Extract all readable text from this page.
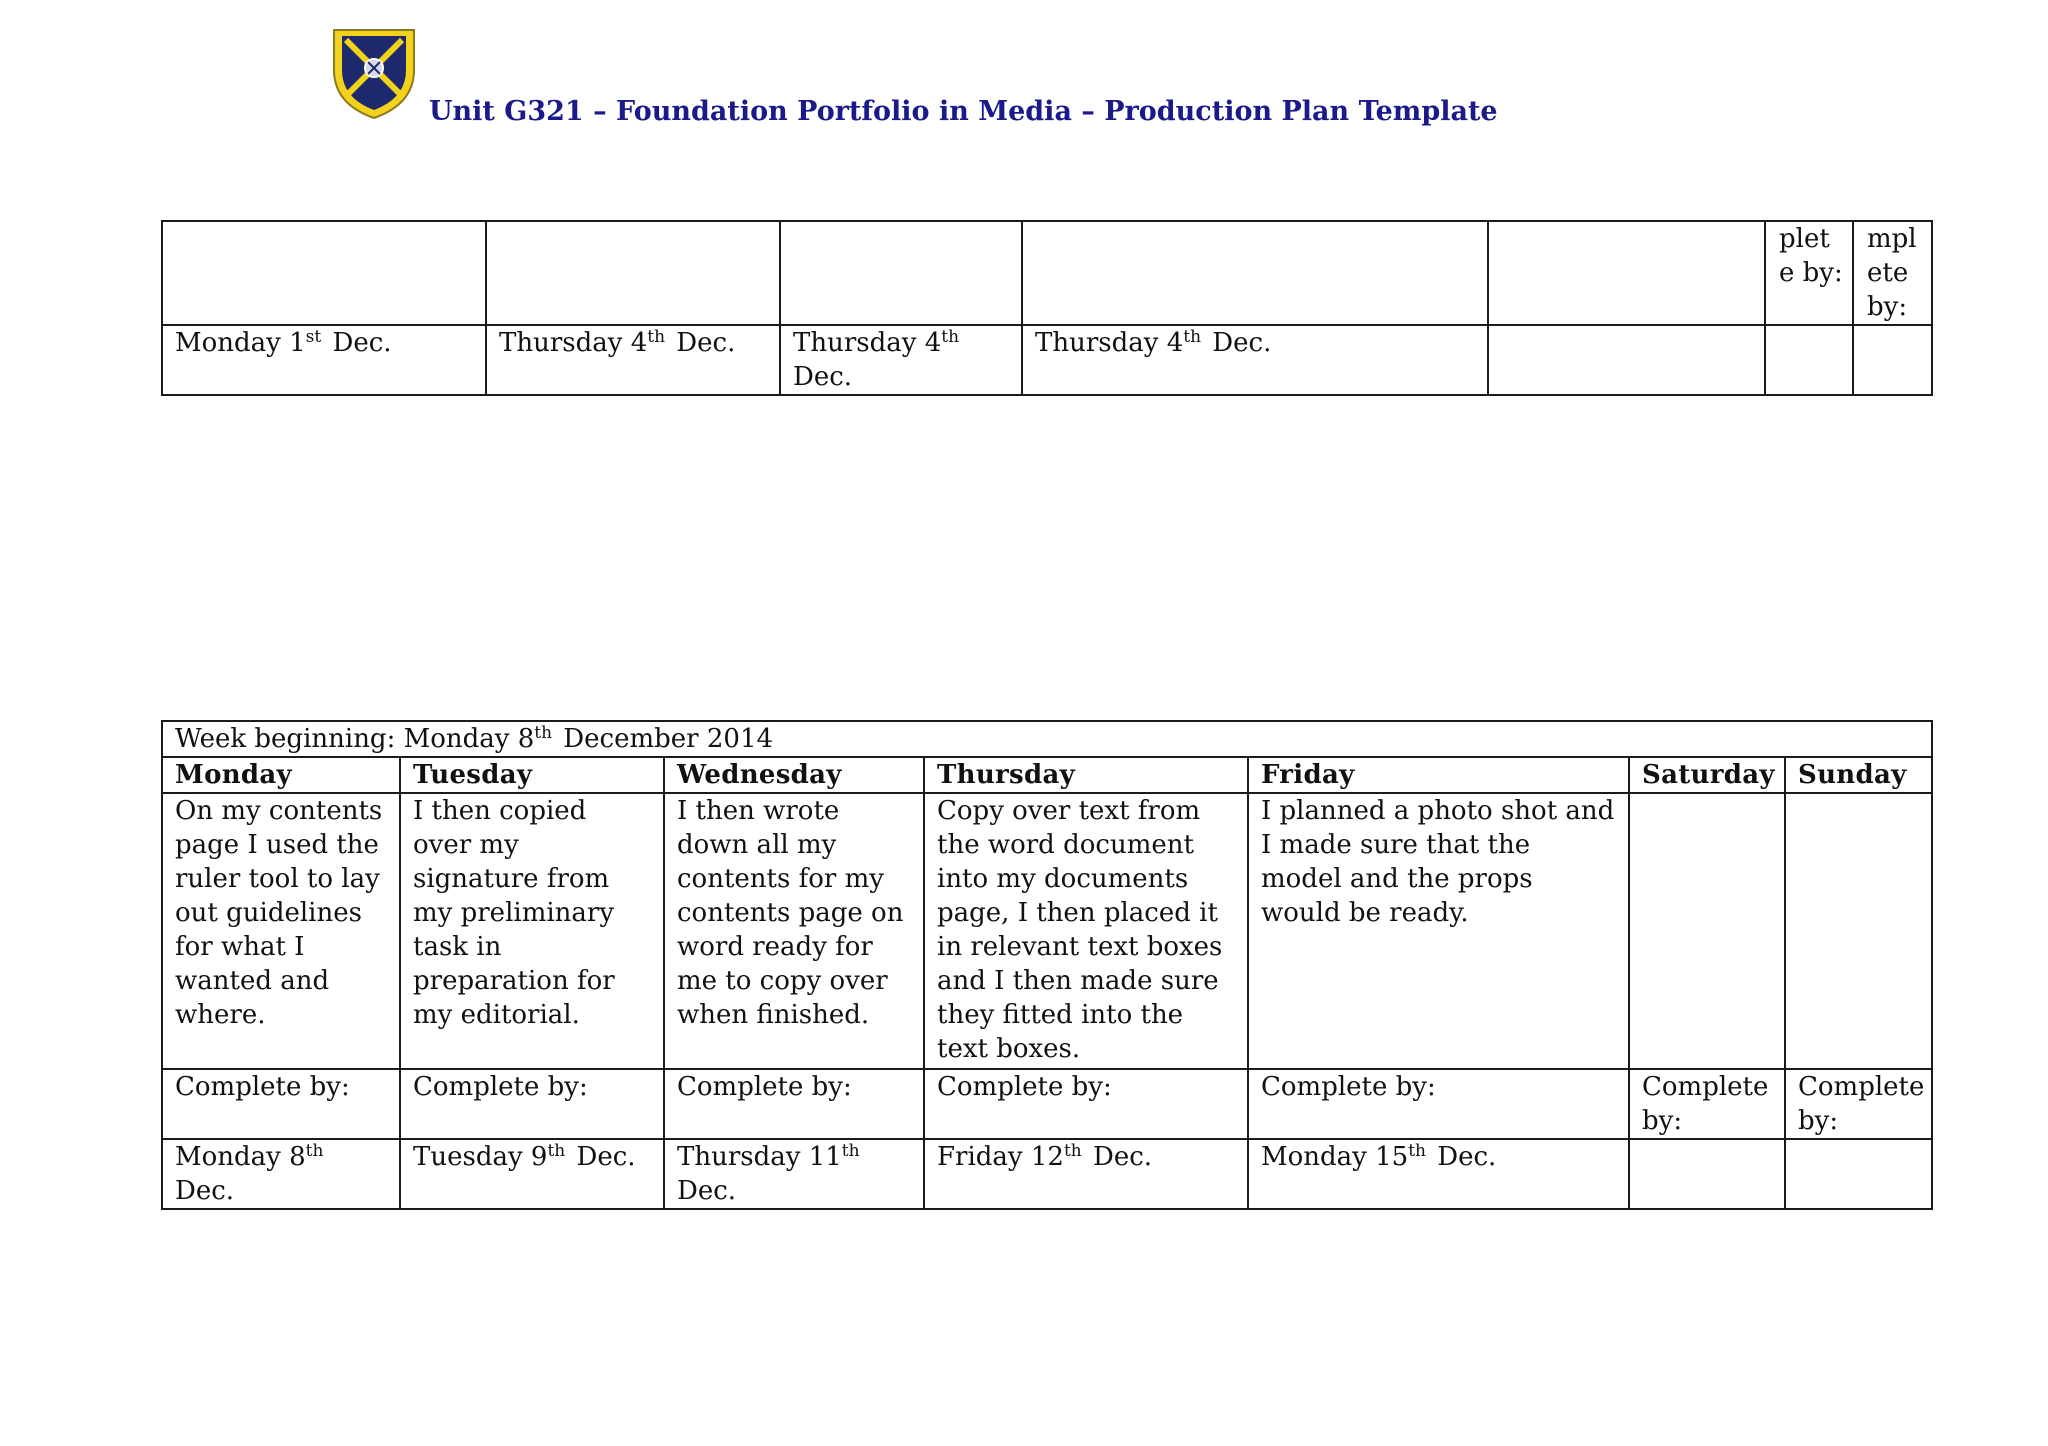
Unit G321 – Foundation Portfolio in Media – Production Plan Template
					plet e by:	mpl ete by:
Monday 1st Dec.	Thursday 4th Dec.	Thursday 4th Dec.	Thursday 4th Dec.			
Week beginning: Monday 8th December 2014						
Monday	Tuesday	Wednesday	Thursday	Friday	Saturday	Sunday
On my contents page I used the ruler tool to lay out guidelines for what I wanted and where.	I then copied over my signature from my preliminary task in preparation for my editorial.	I then wrote down all my contents for my contents page on word ready for me to copy over when finished.	Copy over text from the word document into my documents page, I then placed it in relevant text boxes and I then made sure they fitted into the text boxes.	I planned a photo shot and I made sure that the model and the props would be ready.		
Complete by:	Complete by:	Complete by:	Complete by:	Complete by:	Complete by:	Complete by:
Monday 8th Dec.	Tuesday 9th Dec.	Thursday 11th Dec.	Friday 12th Dec.	Monday 15th Dec.		
